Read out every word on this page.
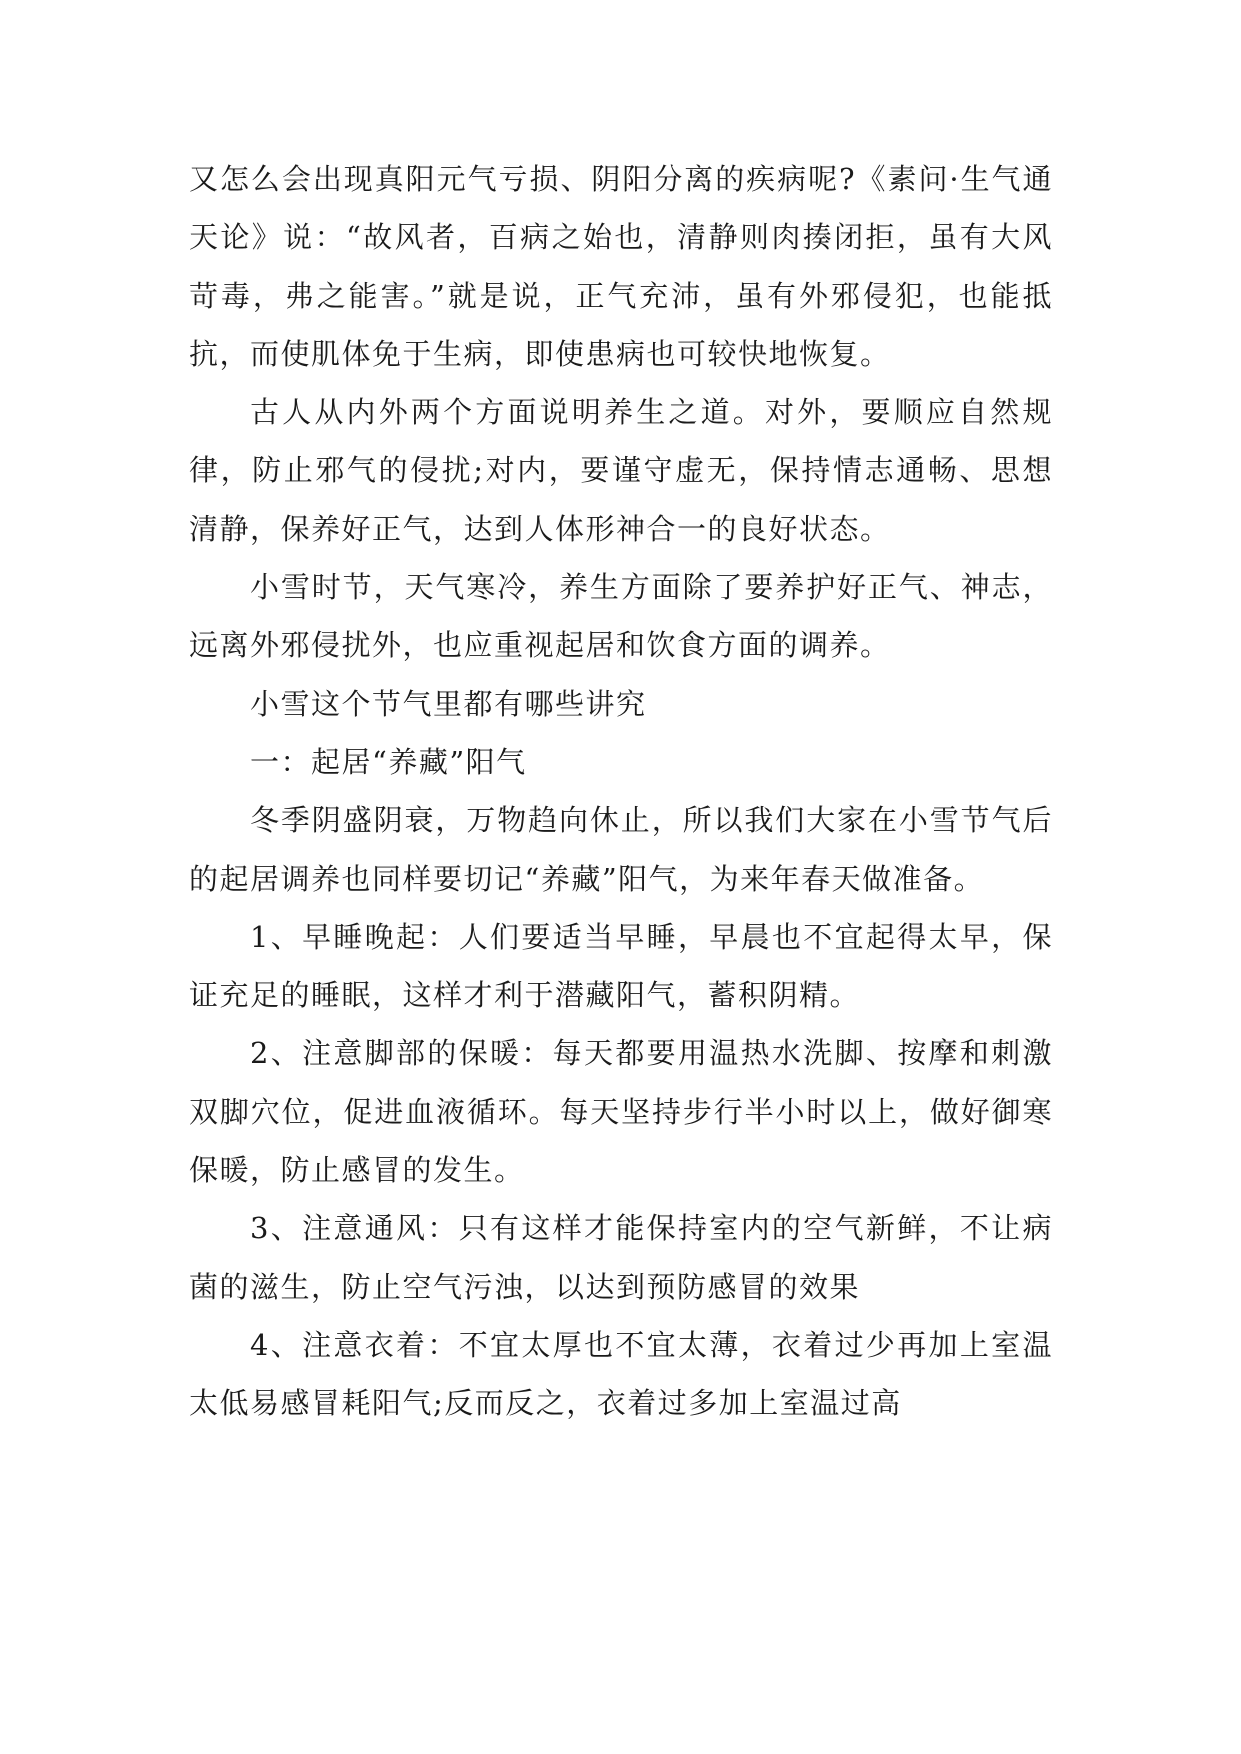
又怎么会出现真阳元气亏损、阴阳分离的疾病呢?《素问·生气通天论》说：“故风者，百病之始也，清静则肉揍闭拒，虽有大风苛毒，弗之能害。”就是说，正气充沛，虽有外邪侵犯，也能抵抗，而使肌体免于生病，即使患病也可较快地恢复。

古人从内外两个方面说明养生之道。对外，要顺应自然规律，防止邪气的侵扰;对内，要谨守虚无，保持情志通畅、思想清静，保养好正气，达到人体形神合一的良好状态。

小雪时节，天气寒冷，养生方面除了要养护好正气、神志，远离外邪侵扰外，也应重视起居和饮食方面的调养。

小雪这个节气里都有哪些讲究

一：起居“养藏”阳气

冬季阴盛阴衰，万物趋向休止，所以我们大家在小雪节气后的起居调养也同样要切记“养藏”阳气，为来年春天做准备。

1、早睡晚起：人们要适当早睡，早晨也不宜起得太早，保证充足的睡眠，这样才利于潜藏阳气，蓄积阴精。

2、注意脚部的保暖：每天都要用温热水洗脚、按摩和刺激双脚穴位，促进血液循环。每天坚持步行半小时以上，做好御寒保暖，防止感冒的发生。

3、注意通风：只有这样才能保持室内的空气新鲜，不让病菌的滋生，防止空气污浊，以达到预防感冒的效果

4、注意衣着：不宜太厚也不宜太薄，衣着过少再加上室温太低易感冒耗阳气;反而反之，衣着过多加上室温过高
